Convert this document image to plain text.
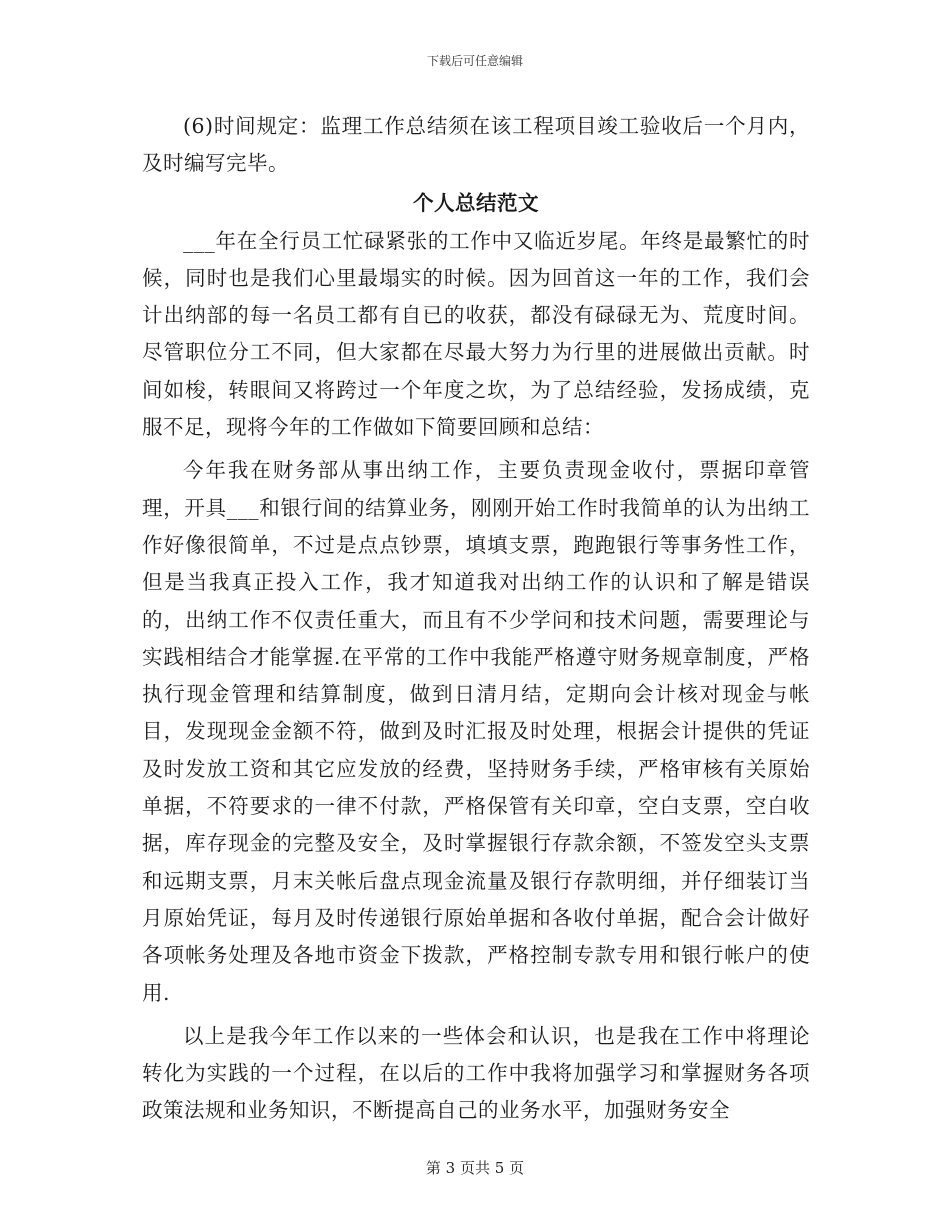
下载后可任意编辑

(6)时间规定：监理工作总结须在该工程项目竣工验收后一个月内，及时编写完毕。

个人总结范文

___年在全行员工忙碌紧张的工作中又临近岁尾。年终是最繁忙的时候，同时也是我们心里最塌实的时候。因为回首这一年的工作，我们会计出纳部的每一名员工都有自已的收获，都没有碌碌无为、荒度时间。尽管职位分工不同，但大家都在尽最大努力为行里的进展做出贡献。时间如梭，转眼间又将跨过一个年度之坎，为了总结经验，发扬成绩，克服不足，现将今年的工作做如下简要回顾和总结：

今年我在财务部从事出纳工作，主要负责现金收付，票据印章管理，开具___和银行间的结算业务，刚刚开始工作时我简单的认为出纳工作好像很简单，不过是点点钞票，填填支票，跑跑银行等事务性工作，但是当我真正投入工作，我才知道我对出纳工作的认识和了解是错误的，出纳工作不仅责任重大，而且有不少学问和技术问题，需要理论与实践相结合才能掌握.在平常的工作中我能严格遵守财务规章制度，严格执行现金管理和结算制度，做到日清月结，定期向会计核对现金与帐目，发现现金金额不符，做到及时汇报及时处理，根据会计提供的凭证及时发放工资和其它应发放的经费，坚持财务手续，严格审核有关原始单据，不符要求的一律不付款，严格保管有关印章，空白支票，空白收据，库存现金的完整及安全，及时掌握银行存款余额，不签发空头支票和远期支票，月末关帐后盘点现金流量及银行存款明细，并仔细装订当月原始凭证，每月及时传递银行原始单据和各收付单据，配合会计做好各项帐务处理及各地市资金下拨款，严格控制专款专用和银行帐户的使用.

以上是我今年工作以来的一些体会和认识，也是我在工作中将理论转化为实践的一个过程，在以后的工作中我将加强学习和掌握财务各项政策法规和业务知识，不断提高自己的业务水平，加强财务安全

第 3 页共 5 页
